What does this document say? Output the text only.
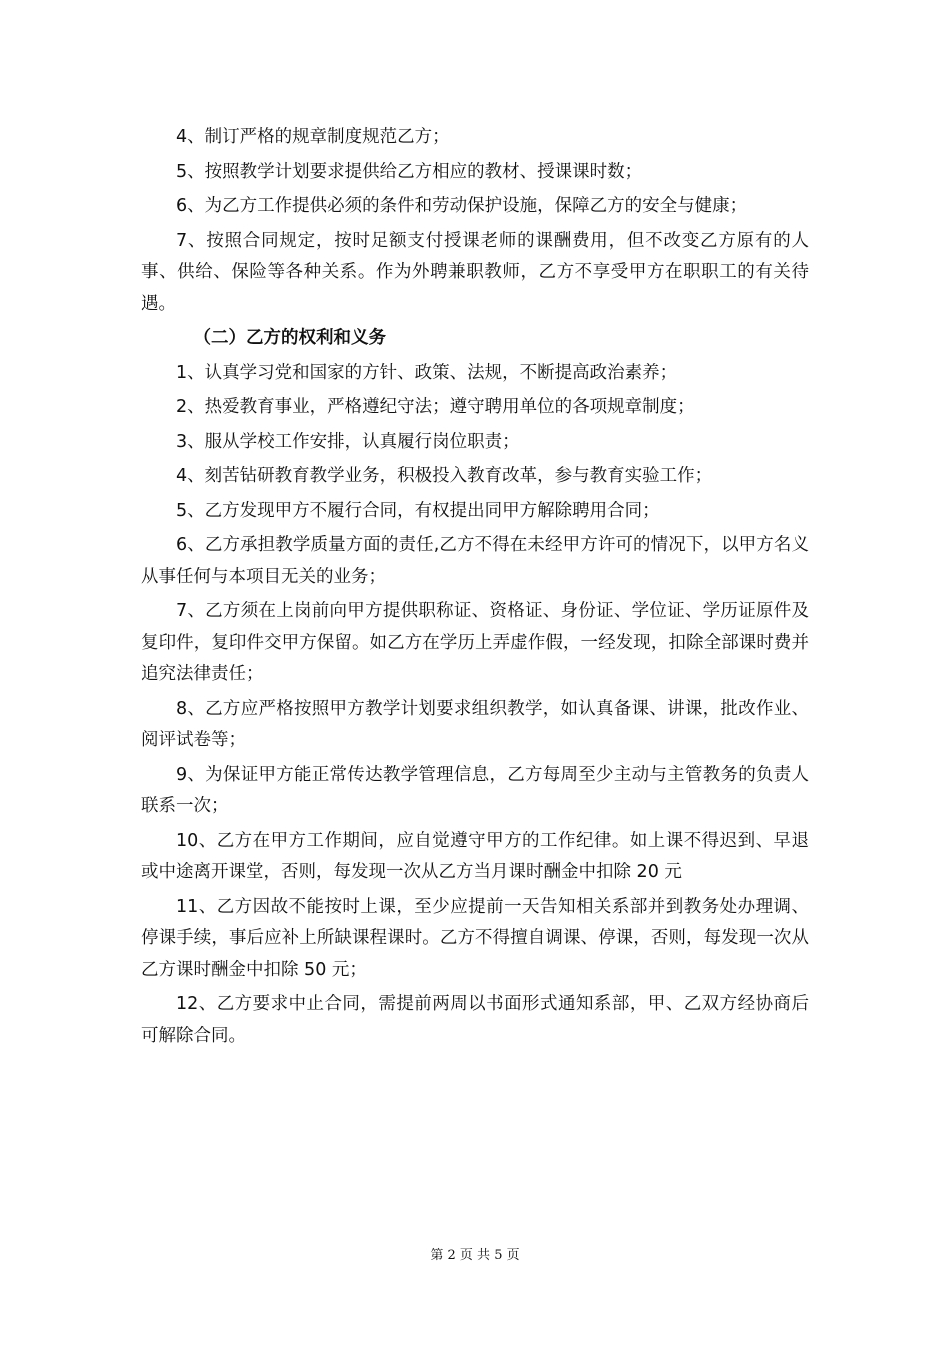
4、制订严格的规章制度规范乙方；

5、按照教学计划要求提供给乙方相应的教材、授课课时数；

6、为乙方工作提供必须的条件和劳动保护设施，保障乙方的安全与健康；

7、按照合同规定，按时足额支付授课老师的课酬费用，但不改变乙方原有的人事、供给、保险等各种关系。作为外聘兼职教师，乙方不享受甲方在职职工的有关待遇。

（二）乙方的权利和义务

1、认真学习党和国家的方针、政策、法规，不断提高政治素养；

2、热爱教育事业，严格遵纪守法；遵守聘用单位的各项规章制度；

3、服从学校工作安排，认真履行岗位职责；

4、刻苦钻研教育教学业务，积极投入教育改革，参与教育实验工作；

5、乙方发现甲方不履行合同，有权提出同甲方解除聘用合同；

6、乙方承担教学质量方面的责任,乙方不得在未经甲方许可的情况下，以甲方名义从事任何与本项目无关的业务；

7、乙方须在上岗前向甲方提供职称证、资格证、身份证、学位证、学历证原件及复印件，复印件交甲方保留。如乙方在学历上弄虚作假，一经发现，扣除全部课时费并追究法律责任；

8、乙方应严格按照甲方教学计划要求组织教学，如认真备课、讲课，批改作业、阅评试卷等；

9、为保证甲方能正常传达教学管理信息，乙方每周至少主动与主管教务的负责人联系一次；

10、乙方在甲方工作期间，应自觉遵守甲方的工作纪律。如上课不得迟到、早退或中途离开课堂，否则，每发现一次从乙方当月课时酬金中扣除 20 元

11、乙方因故不能按时上课，至少应提前一天告知相关系部并到教务处办理调、停课手续，事后应补上所缺课程课时。乙方不得擅自调课、停课，否则，每发现一次从乙方课时酬金中扣除 50 元；

12、乙方要求中止合同，需提前两周以书面形式通知系部，甲、乙双方经协商后可解除合同。

第 2 页 共 5 页
